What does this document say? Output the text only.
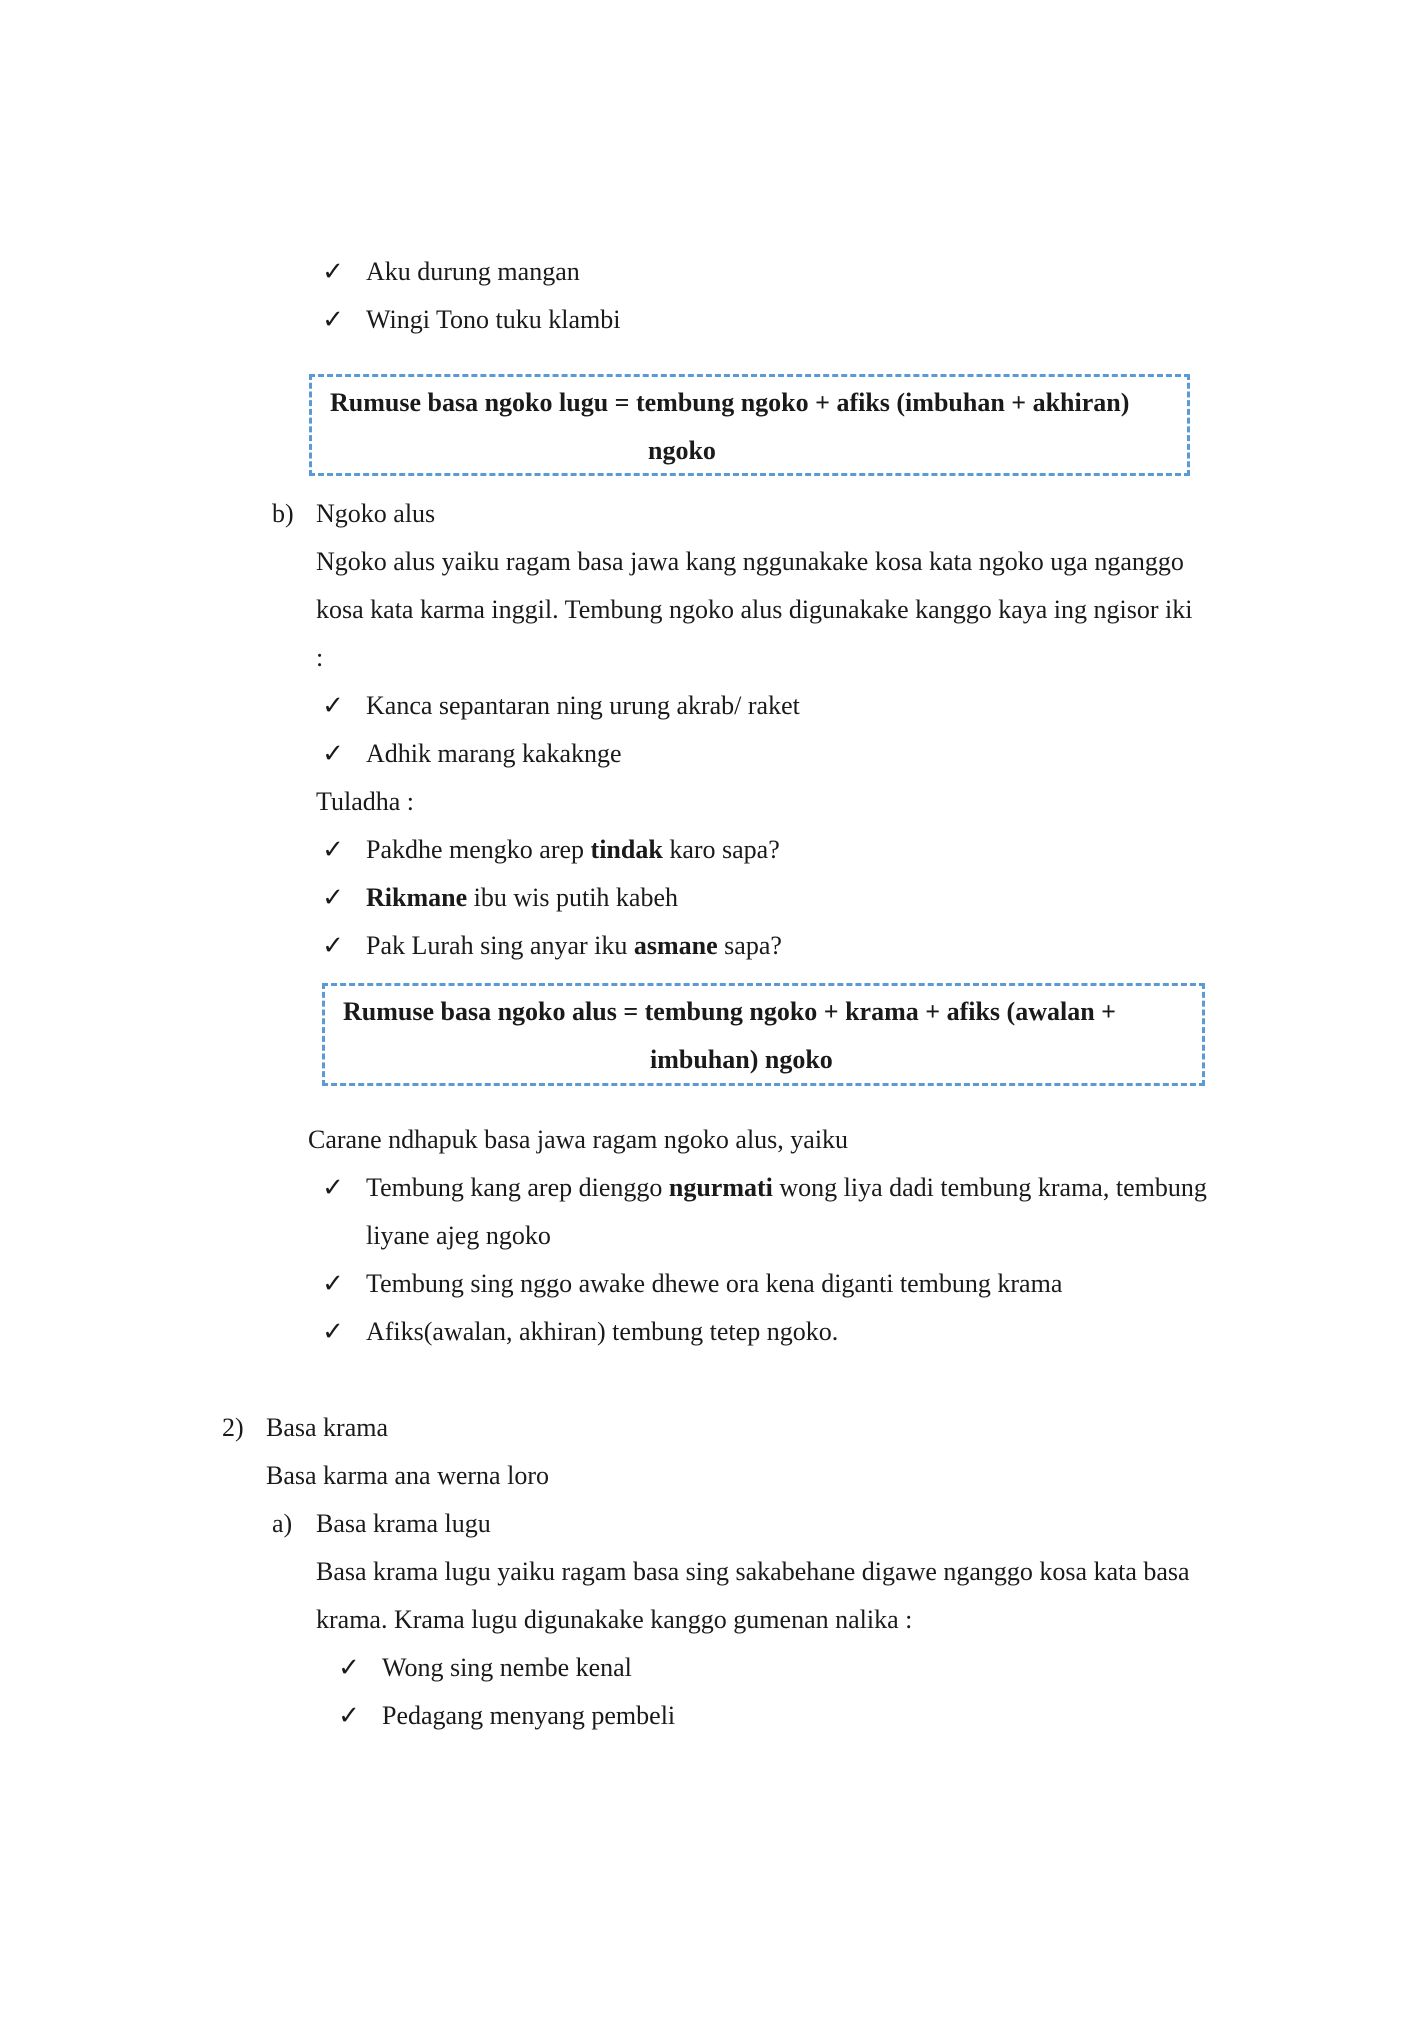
✓ Aku durung mangan
✓ Wingi Tono tuku klambi
Rumuse basa ngoko lugu = tembung ngoko + afiks (imbuhan + akhiran)
ngoko
b) Ngoko alus
Ngoko alus yaiku ragam basa jawa kang nggunakake kosa kata ngoko uga nganggo
kosa kata karma inggil. Tembung ngoko alus digunakake kanggo kaya ing ngisor iki
:
✓ Kanca sepantaran ning urung akrab/ raket
✓ Adhik marang kakaknge
Tuladha :
✓ Pakdhe mengko arep tindak karo sapa?
✓ Rikmane ibu wis putih kabeh
✓ Pak Lurah sing anyar iku asmane sapa?
Rumuse basa ngoko alus = tembung ngoko + krama + afiks (awalan +
imbuhan) ngoko
Carane ndhapuk basa jawa ragam ngoko alus, yaiku
✓ Tembung kang arep dienggo ngurmati wong liya dadi tembung krama, tembung
liyane ajeg ngoko
✓ Tembung sing nggo awake dhewe ora kena diganti tembung krama
✓ Afiks(awalan, akhiran) tembung tetep ngoko.
2) Basa krama
Basa karma ana werna loro
a) Basa krama lugu
Basa krama lugu yaiku ragam basa sing sakabehane digawe nganggo kosa kata basa
krama. Krama lugu digunakake kanggo gumenan nalika :
✓ Wong sing nembe kenal
✓ Pedagang menyang pembeli
